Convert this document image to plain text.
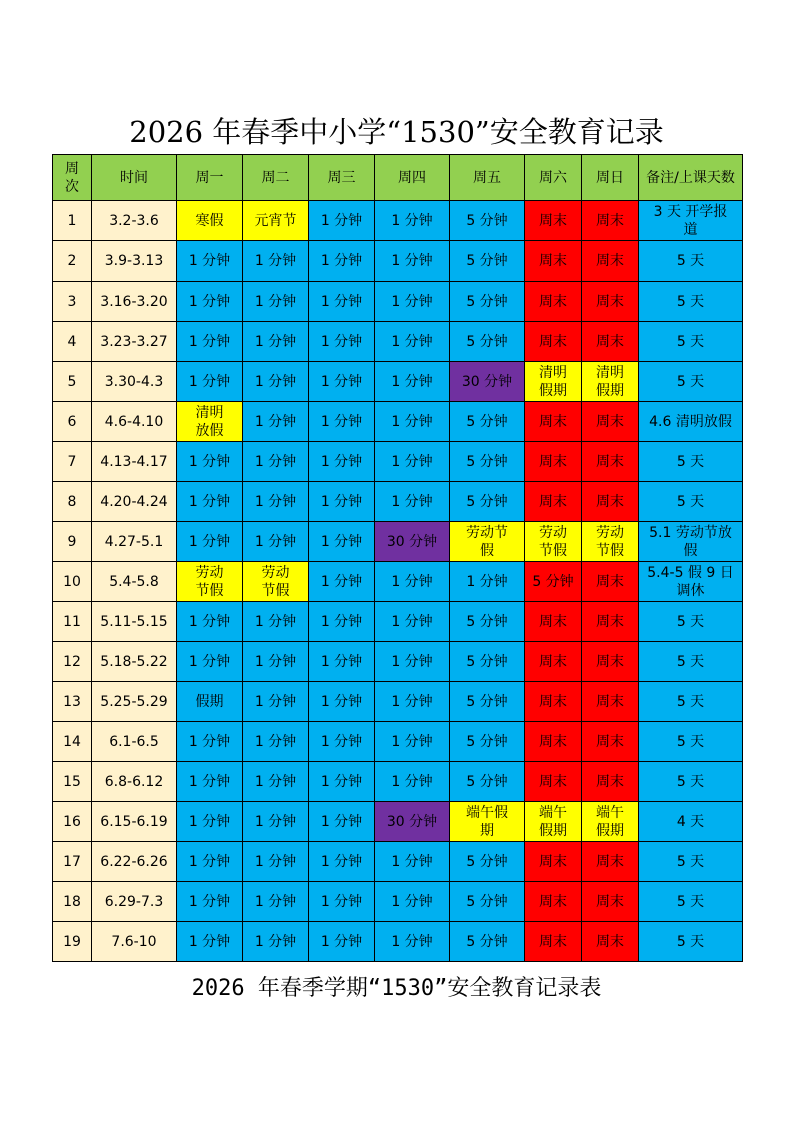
2026 年春季中小学“1530”安全教育记录
周次	时间	周一	周二	周三	周四	周五	周六	周日	备注/上课天数
1	3.2-3.6	寒假	元宵节	1 分钟	1 分钟	5 分钟	周末	周末	3 天 开学报道
2	3.9-3.13	1 分钟	1 分钟	1 分钟	1 分钟	5 分钟	周末	周末	5 天
3	3.16-3.20	1 分钟	1 分钟	1 分钟	1 分钟	5 分钟	周末	周末	5 天
4	3.23-3.27	1 分钟	1 分钟	1 分钟	1 分钟	5 分钟	周末	周末	5 天
5	3.30-4.3	1 分钟	1 分钟	1 分钟	1 分钟	30 分钟	清明假期	清明假期	5 天
6	4.6-4.10	清明放假	1 分钟	1 分钟	1 分钟	5 分钟	周末	周末	4.6 清明放假
7	4.13-4.17	1 分钟	1 分钟	1 分钟	1 分钟	5 分钟	周末	周末	5 天
8	4.20-4.24	1 分钟	1 分钟	1 分钟	1 分钟	5 分钟	周末	周末	5 天
9	4.27-5.1	1 分钟	1 分钟	1 分钟	30 分钟	劳动节假	劳动节假	劳动节假	5.1 劳动节放假
10	5.4-5.8	劳动节假	劳动节假	1 分钟	1 分钟	1 分钟	5 分钟	周末	5.4-5 假 9 日调休
11	5.11-5.15	1 分钟	1 分钟	1 分钟	1 分钟	5 分钟	周末	周末	5 天
12	5.18-5.22	1 分钟	1 分钟	1 分钟	1 分钟	5 分钟	周末	周末	5 天
13	5.25-5.29	假期	1 分钟	1 分钟	1 分钟	5 分钟	周末	周末	5 天
14	6.1-6.5	1 分钟	1 分钟	1 分钟	1 分钟	5 分钟	周末	周末	5 天
15	6.8-6.12	1 分钟	1 分钟	1 分钟	1 分钟	5 分钟	周末	周末	5 天
16	6.15-6.19	1 分钟	1 分钟	1 分钟	30 分钟	端午假期	端午假期	端午假期	4 天
17	6.22-6.26	1 分钟	1 分钟	1 分钟	1 分钟	5 分钟	周末	周末	5 天
18	6.29-7.3	1 分钟	1 分钟	1 分钟	1 分钟	5 分钟	周末	周末	5 天
19	7.6-10	1 分钟	1 分钟	1 分钟	1 分钟	5 分钟	周末	周末	5 天
2026 年春季学期“1530”安全教育记录表
